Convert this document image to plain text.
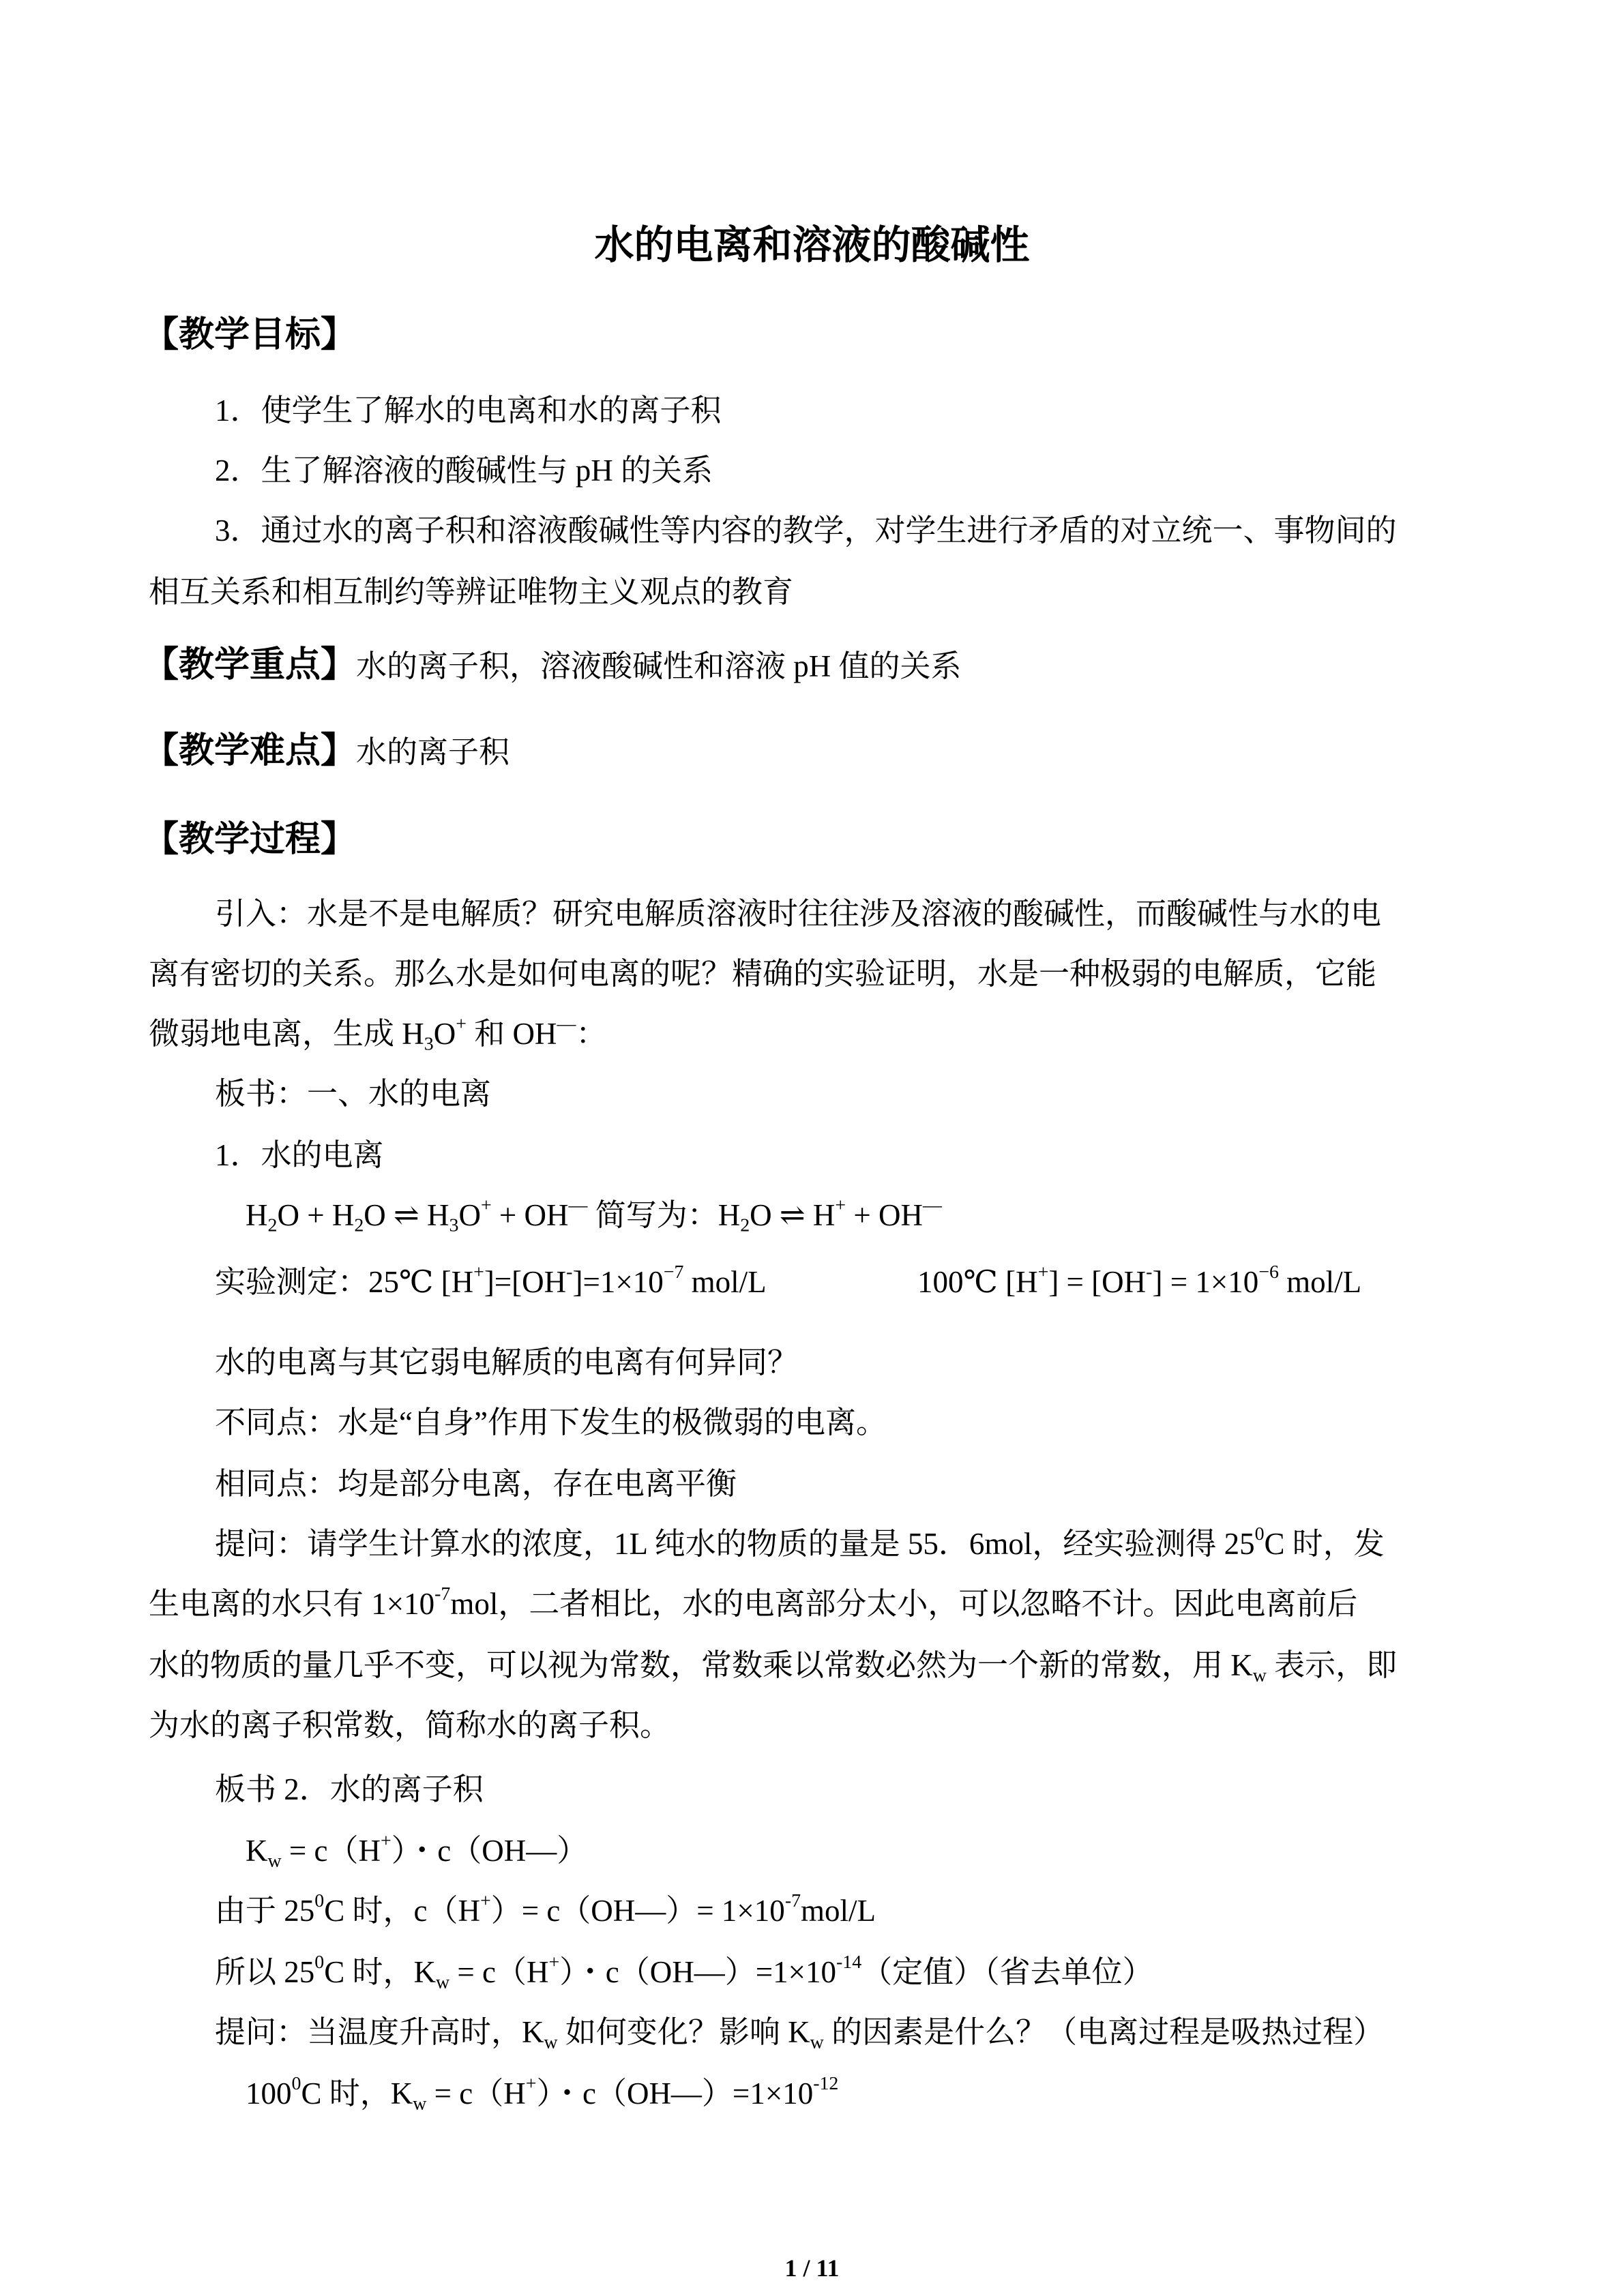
水的电离和溶液的酸碱性
【教学目标】
1．使学生了解水的电离和水的离子积
2．生了解溶液的酸碱性与 pH 的关系
3．通过水的离子积和溶液酸碱性等内容的教学，对学生进行矛盾的对立统一、事物间的
相互关系和相互制约等辨证唯物主义观点的教育
【教学重点】水的离子积，溶液酸碱性和溶液 pH 值的关系
【教学难点】水的离子积
【教学过程】
引入：水是不是电解质？研究电解质溶液时往往涉及溶液的酸碱性，而酸碱性与水的电
离有密切的关系。那么水是如何电离的呢？精确的实验证明，水是一种极弱的电解质，它能
微弱地电离，生成 $H_3O^+$ 和 OH—：
板书：一、水的电离
1．水的电离
$H_2O + H_2O$ ⇌ $H_3O^+ + OH^—$ 简写为：$H_2O$ ⇌ H+ + OH—
实验测定：25℃ $[H^+]=[OH^-]=1\times 10^{-7}$ mol/L	100℃ $[H^+] = [OH^-] = 1\times 10^{-6}$ mol/L
水的电离与其它弱电解质的电离有何异同？
不同点：水是“自身”作用下发生的极微弱的电离。
相同点：均是部分电离，存在电离平衡
提问：请学生计算水的浓度，1L 纯水的物质的量是 55．6mol，经实验测得 $25^0C$ 时，发
生电离的水只有 $1\times 10^{-7}mol$，二者相比，水的电离部分太小，可以忽略不计。因此电离前后
水的物质的量几乎不变，可以视为常数，常数乘以常数必然为一个新的常数，用 $K_w$ 表示，即
为水的离子积常数，简称水的离子积。
板书 2．水的离子积
$K_w = c(H^+)$・c（OH—）
由于 $25^0C$ 时，c（H+）= c（OH—）= $1\times 10^{-7}mol/L$
所以 $25^0C$ 时，$K_w = c(H^+)$・$c(OH—)=1\times 10^{-14}$（定值）（省去单位）
提问：当温度升高时，$K_w$ 如何变化？影响 $K_w$ 的因素是什么？（电离过程是吸热过程）
$100^0C$ 时，$K_w = c(H^+)$・$c(OH—)=1\times 10^{-12}$
1 / 11
